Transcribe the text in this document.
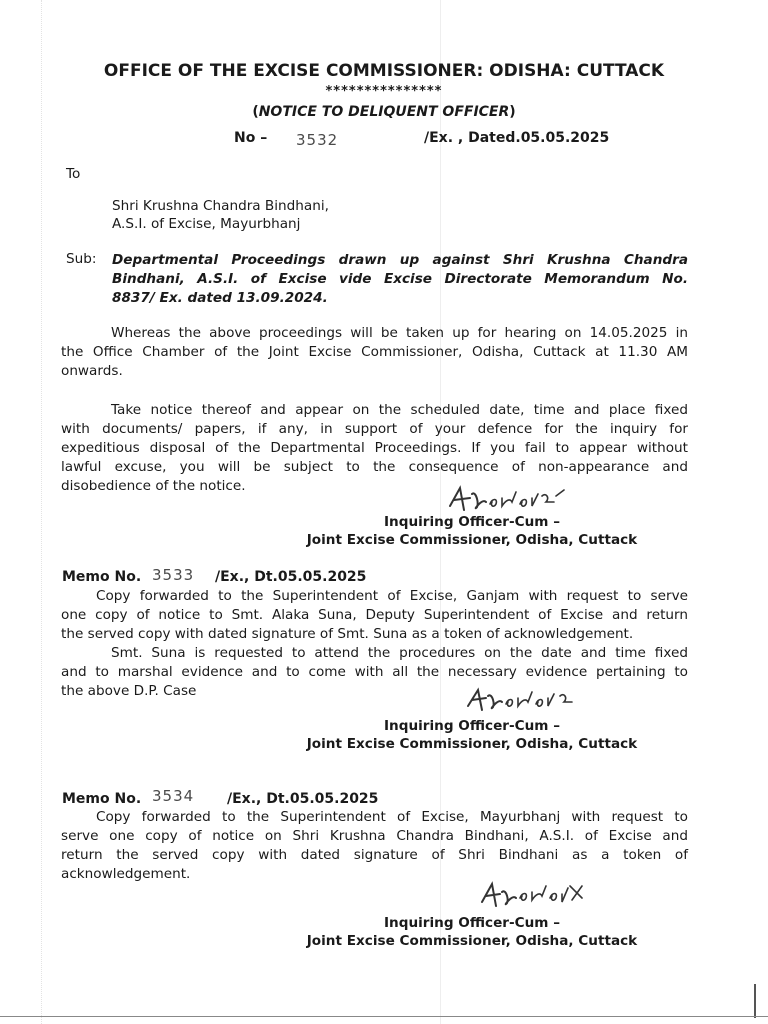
OFFICE OF THE EXCISE COMMISSIONER: ODISHA: CUTTACK
***************
(NOTICE TO DELIQUENT OFFICER)
No – 3532	/Ex. , Dated.05.05.2025
To
Shri Krushna Chandra Bindhani,
A.S.I. of Excise, Mayurbhanj
Sub: Departmental Proceedings drawn up against Shri Krushna Chandra
Bindhani, A.S.I. of Excise vide Excise Directorate Memorandum No.
8837/ Ex. dated 13.09.2024.
Whereas the above proceedings will be taken up for hearing on 14.05.2025 in
the Office Chamber of the Joint Excise Commissioner, Odisha, Cuttack at 11.30 AM
onwards.
Take notice thereof and appear on the scheduled date, time and place fixed
with documents/ papers, if any, in support of your defence for the inquiry for
expeditious disposal of the Departmental Proceedings. If you fail to appear without
lawful excuse, you will be subject to the consequence of non-appearance and
disobedience of the notice.
Inquiring Officer-Cum –
Joint Excise Commissioner, Odisha, Cuttack
Memo No. 3533 /Ex., Dt.05.05.2025
Copy forwarded to the Superintendent of Excise, Ganjam with request to serve
one copy of notice to Smt. Alaka Suna, Deputy Superintendent of Excise and return
the served copy with dated signature of Smt. Suna as a token of acknowledgement.
Smt. Suna is requested to attend the procedures on the date and time fixed
and to marshal evidence and to come with all the necessary evidence pertaining to
the above D.P. Case
Inquiring Officer-Cum –
Joint Excise Commissioner, Odisha, Cuttack
Memo No. 3534 /Ex., Dt.05.05.2025
Copy forwarded to the Superintendent of Excise, Mayurbhanj with request to
serve one copy of notice on Shri Krushna Chandra Bindhani, A.S.I. of Excise and
return the served copy with dated signature of Shri Bindhani as a token of
acknowledgement.
Inquiring Officer-Cum –
Joint Excise Commissioner, Odisha, Cuttack
